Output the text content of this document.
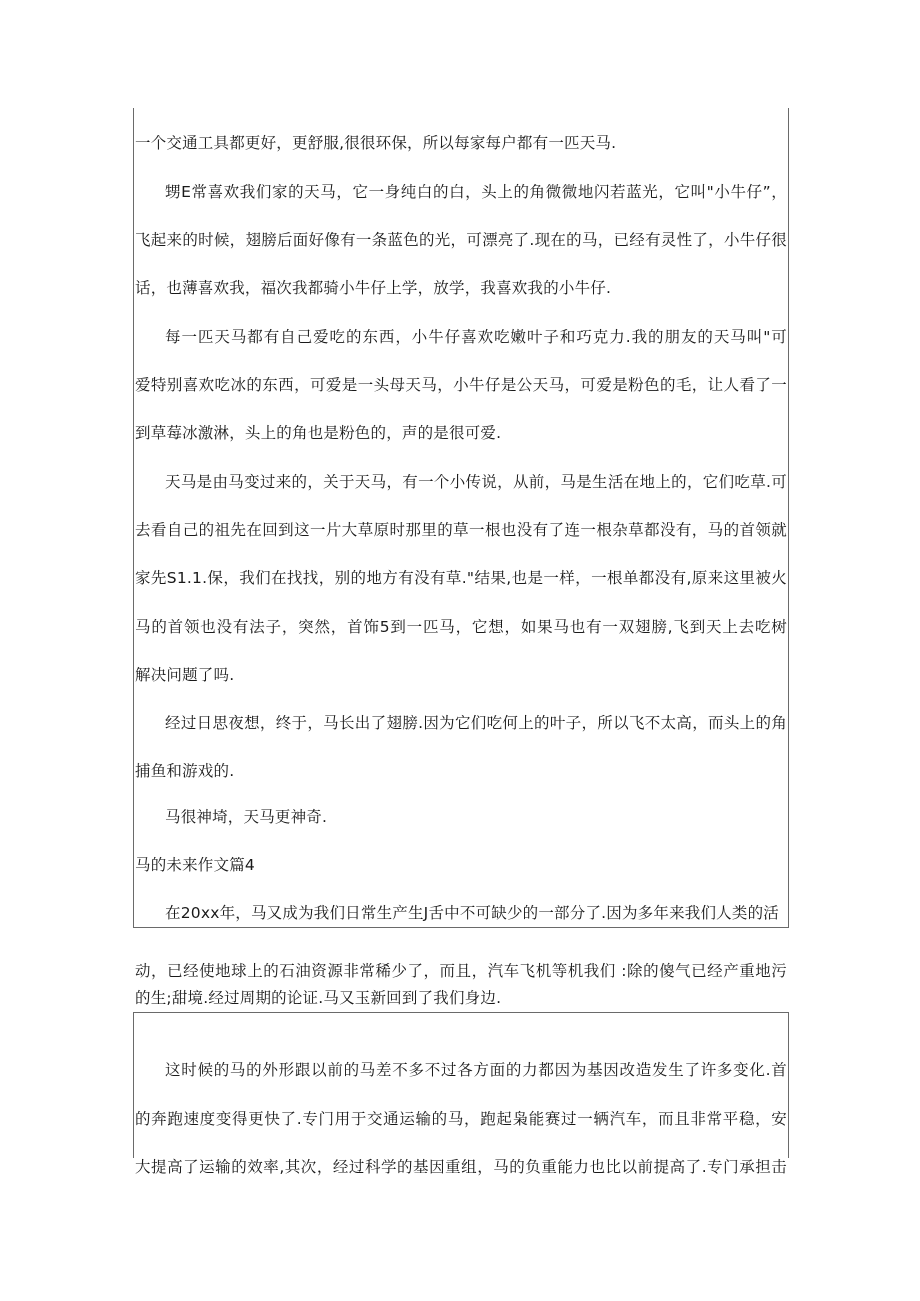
一个交通工具都更好，更舒服,很很环保，所以每家每户都有一匹天马.
甥E常喜欢我们家的天马，它一身纯白的白，头上的角微微地闪若蓝光，它叫"小牛仔”，
飞起来的时候，翅膀后面好像有一条蓝色的光，可漂亮了.现在的马，已经有灵性了，小牛仔很
话，也薄喜欢我，福次我都骑小牛仔上学，放学，我喜欢我的小牛仔.
每一匹天马都有自己爱吃的东西，小牛仔喜欢吃嫩叶子和巧克力.我的朋友的天马叫"可
爱特别喜欢吃冰的东西，可爱是一头母天马，小牛仔是公天马，可爱是粉色的毛，让人看了一
到草莓冰激淋，头上的角也是粉色的，声的是很可爱.
天马是由马变过来的，关于天马，有一个小传说，从前，马是生活在地上的，它们吃草.可
去看自己的祖先在回到这一片大草原时那里的草一根也没有了连一根杂草都没有，马的首领就
家先S1.1.保，我们在找找，别的地方有没有草."结果,也是一样，一根单都没有,原来这里被火
马的首领也没有法子，突然，首饰5到一匹马，它想，如果马也有一双翅膀,飞到天上去吃树
解决问题了吗.
经过日思夜想，终于，马长出了翅膀.因为它们吃何上的叶子，所以飞不太高，而头上的角
捕鱼和游戏的.
马很神埼，天马更神奇.
马的未来作文篇4
在20xx年，马又成为我们日常生产生J舌中不可缺少的一部分了.因为多年来我们人类的活
动，已经使地球上的石油资源非常稀少了，而且，汽车飞机等机我们 :除的傻气已经产重地污
的生;甜境.经过周期的论证.马又玉新回到了我们身边.
这时候的马的外形跟以前的马差不多不过各方面的力都因为基因改造发生了许多变化.首
的奔跑速度变得更快了.专门用于交通运输的马，跑起枭能赛过一辆汽车，而且非常平稳，安
大提高了运输的效率,其次，经过科学的基因重组，马的负重能力也比以前提高了.专门承担击
